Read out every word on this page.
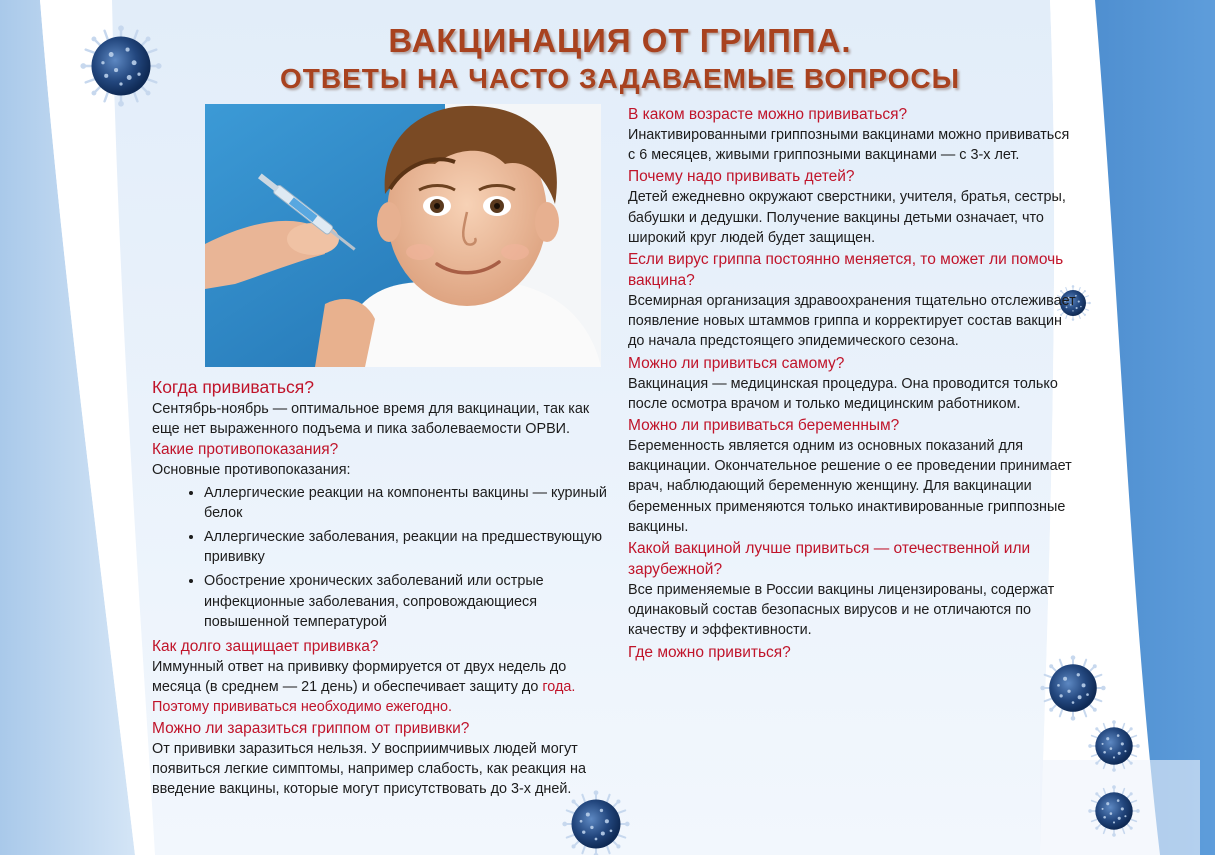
ВАКЦИНАЦИЯ ОТ ГРИППА.
ОТВЕТЫ НА ЧАСТО ЗАДАВАЕМЫЕ ВОПРОСЫ

Когда прививаться?

Сентябрь-ноябрь — оптимальное время для вакцинации, так как еще нет выраженного подъема и пика заболеваемости ОРВИ.

Какие противопоказания?

Основные противопоказания:

• Аллергические реакции на компоненты вакцины — куриный белок
• Аллергические заболевания, реакции на предшествующую прививку
• Обострение хронических заболеваний или острые инфекционные заболевания, сопровождающиеся повышенной температурой

Как долго защищает прививка?

Иммунный ответ на прививку формируется от двух недель до месяца (в среднем — 21 день) и обеспечивает защиту до года. Поэтому прививаться необходимо ежегодно.

Можно ли заразиться гриппом от прививки?

От прививки заразиться нельзя. У восприимчивых людей могут появиться легкие симптомы, например слабость, как реакция на введение вакцины, которые могут присутствовать до 3-х дней.

В каком возрасте можно прививаться?

Инактивированными гриппозными вакцинами можно прививаться с 6 месяцев, живыми гриппозными вакцинами — с 3-х лет.

Почему надо прививать детей?

Детей ежедневно окружают сверстники, учителя, братья, сестры, бабушки и дедушки. Получение вакцины детьми означает, что широкий круг людей будет защищен.

Если вирус гриппа постоянно меняется, то может ли помочь вакцина?

Всемирная организация здравоохранения тщательно отслеживает появление новых штаммов гриппа и корректирует состав вакцин до начала предстоящего эпидемического сезона.

Можно ли привиться самому?

Вакцинация — медицинская процедура. Она проводится только после осмотра врачом и только медицинским работником.

Можно ли прививаться беременным?

Беременность является одним из основных показаний для вакцинации. Окончательное решение о ее проведении принимает врач, наблюдающий беременную женщину. Для вакцинации беременных применяются только инактивированные гриппозные вакцины.

Какой вакциной лучше привиться — отечественной или зарубежной?

Все применяемые в России вакцины лицензированы, содержат одинаковый состав безопасных вирусов и не отличаются по качеству и эффективности.

Где можно привиться?
